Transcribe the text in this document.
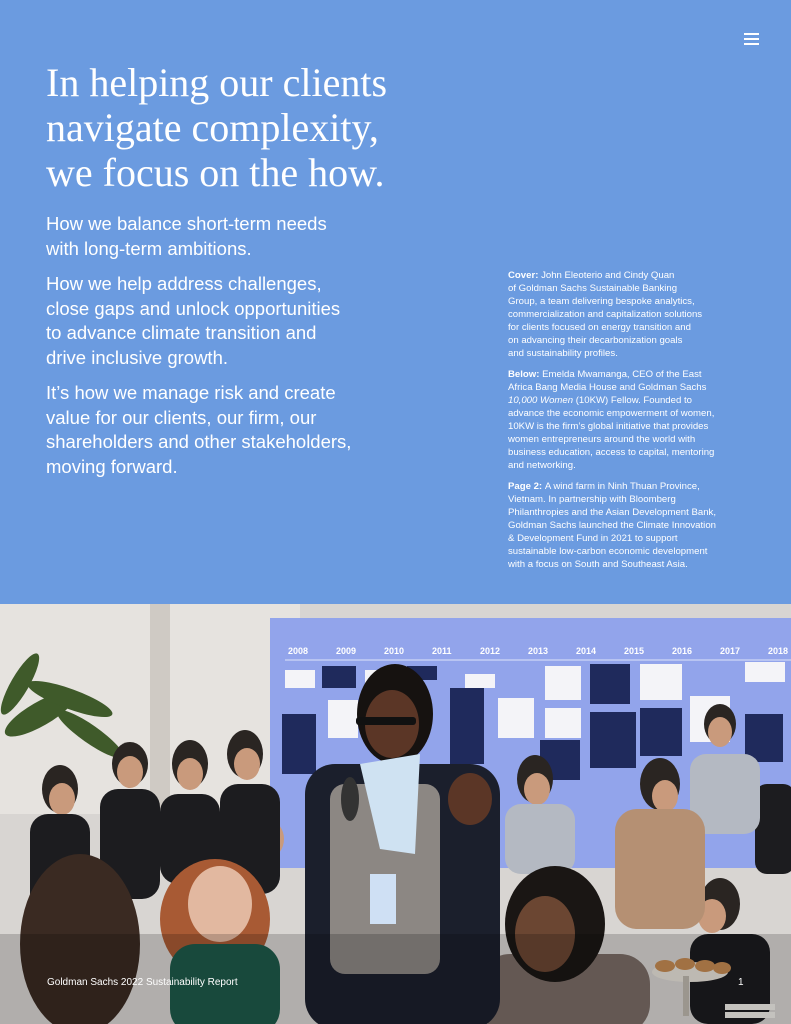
In helping our clients
navigate complexity,
we focus on the how.

How we balance short-term needs
with long-term ambitions.

How we help address challenges,
close gaps and unlock opportunities
to advance climate transition and
drive inclusive growth.

It’s how we manage risk and create
value for our clients, our firm, our
shareholders and other stakeholders,
moving forward.

Cover: John Eleoterio and Cindy Quan
of Goldman Sachs Sustainable Banking
Group, a team delivering bespoke analytics,
commercialization and capitalization solutions
for clients focused on energy transition and
on advancing their decarbonization goals
and sustainability profiles.

Below: Emelda Mwamanga, CEO of the East
Africa Bang Media House and Goldman Sachs
10,000 Women (10KW) Fellow. Founded to
advance the economic empowerment of women,
10KW is the firm’s global initiative that provides
women entrepreneurs around the world with
business education, access to capital, mentoring
and networking.

Page 2: A wind farm in Ninh Thuan Province,
Vietnam. In partnership with Bloomberg
Philanthropies and the Asian Development Bank,
Goldman Sachs launched the Climate Innovation
& Development Fund in 2021 to support
sustainable low-carbon economic development
with a focus on South and Southeast Asia.

2008	2009	2010	2011	2012	2013	2014	2015	2016	2017	2018
Goldman Sachs 2022 Sustainability Report	1
